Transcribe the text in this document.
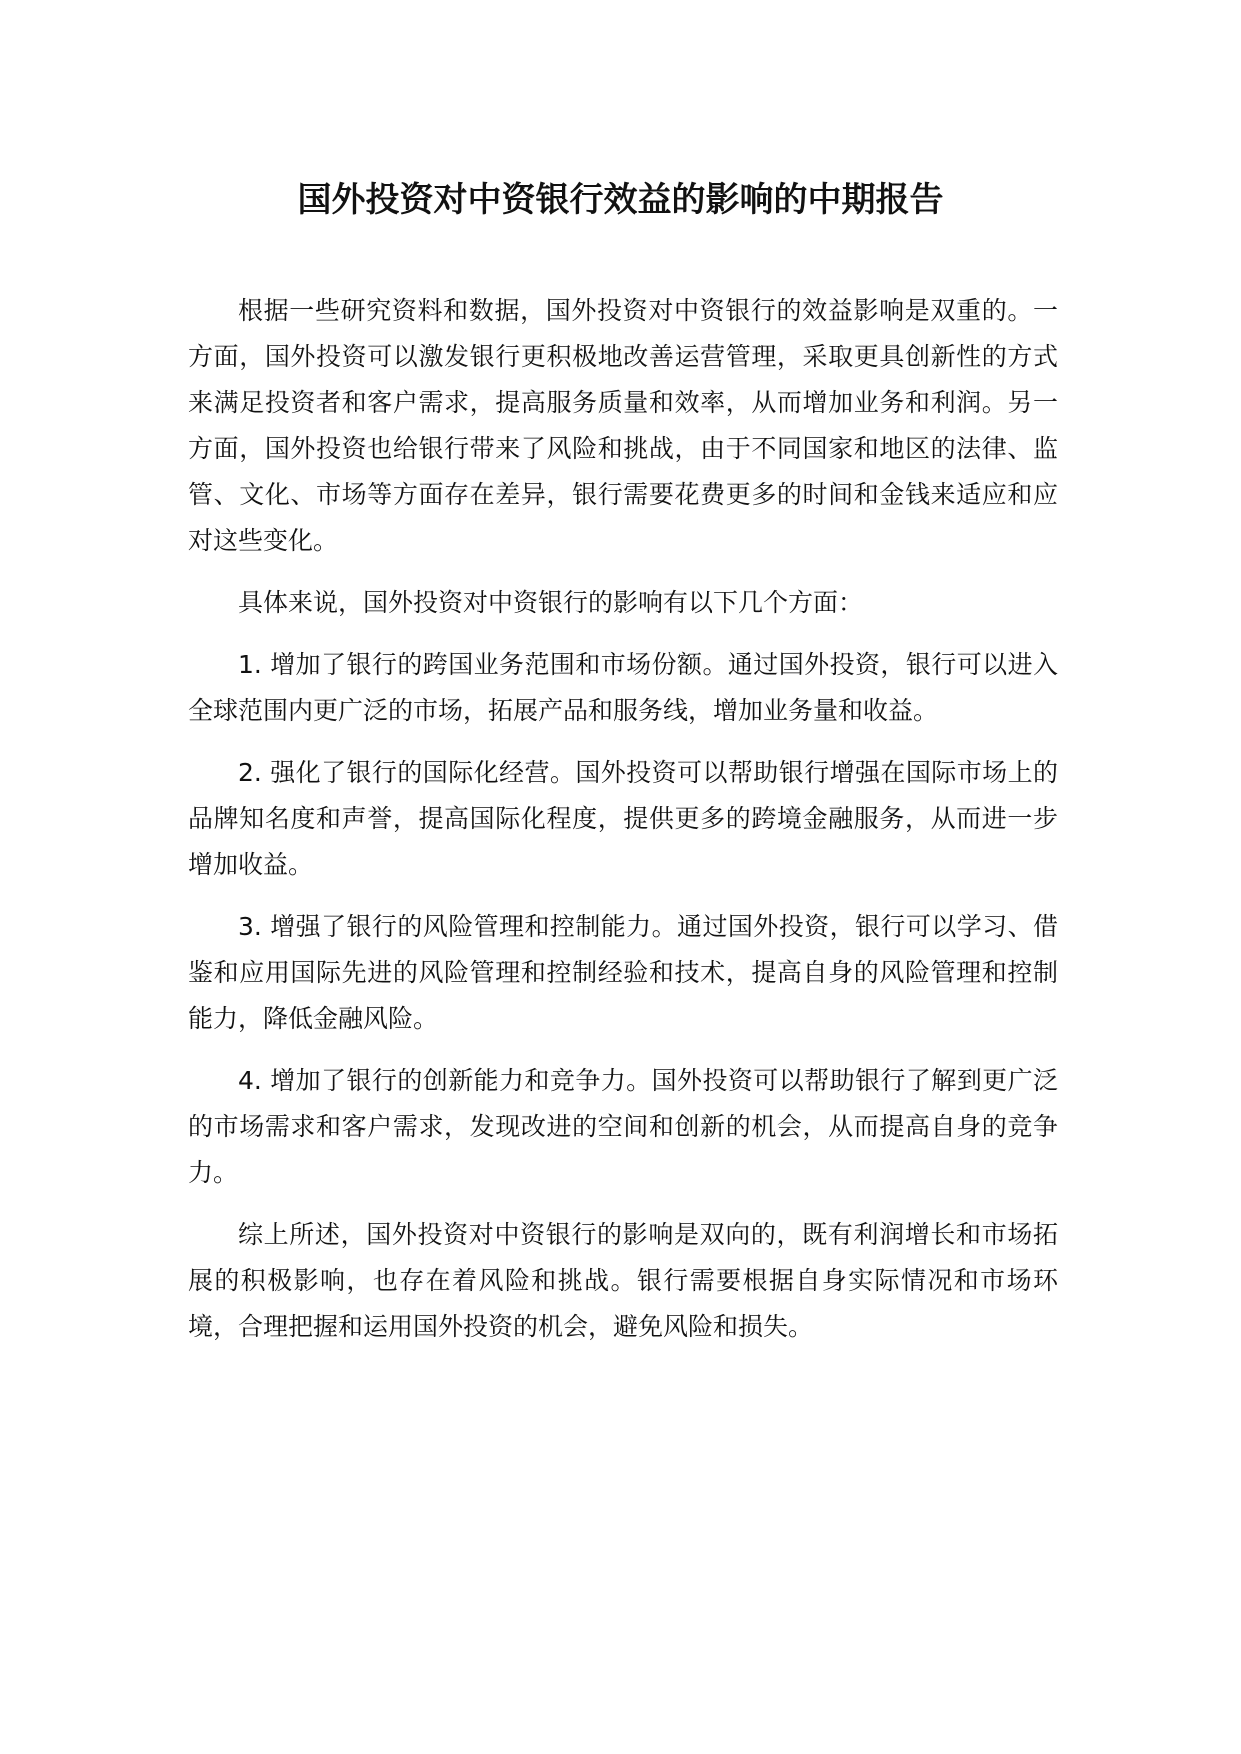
国外投资对中资银行效益的影响的中期报告

根据一些研究资料和数据，国外投资对中资银行的效益影响是双重的。一方面，国外投资可以激发银行更积极地改善运营管理，采取更具创新性的方式来满足投资者和客户需求，提高服务质量和效率，从而增加业务和利润。另一方面，国外投资也给银行带来了风险和挑战，由于不同国家和地区的法律、监管、文化、市场等方面存在差异，银行需要花费更多的时间和金钱来适应和应对这些变化。

具体来说，国外投资对中资银行的影响有以下几个方面：

1. 增加了银行的跨国业务范围和市场份额。通过国外投资，银行可以进入全球范围内更广泛的市场，拓展产品和服务线，增加业务量和收益。

2. 强化了银行的国际化经营。国外投资可以帮助银行增强在国际市场上的品牌知名度和声誉，提高国际化程度，提供更多的跨境金融服务，从而进一步增加收益。

3. 增强了银行的风险管理和控制能力。通过国外投资，银行可以学习、借鉴和应用国际先进的风险管理和控制经验和技术，提高自身的风险管理和控制能力，降低金融风险。

4. 增加了银行的创新能力和竞争力。国外投资可以帮助银行了解到更广泛的市场需求和客户需求，发现改进的空间和创新的机会，从而提高自身的竞争力。

综上所述，国外投资对中资银行的影响是双向的，既有利润增长和市场拓展的积极影响，也存在着风险和挑战。银行需要根据自身实际情况和市场环境，合理把握和运用国外投资的机会，避免风险和损失。
